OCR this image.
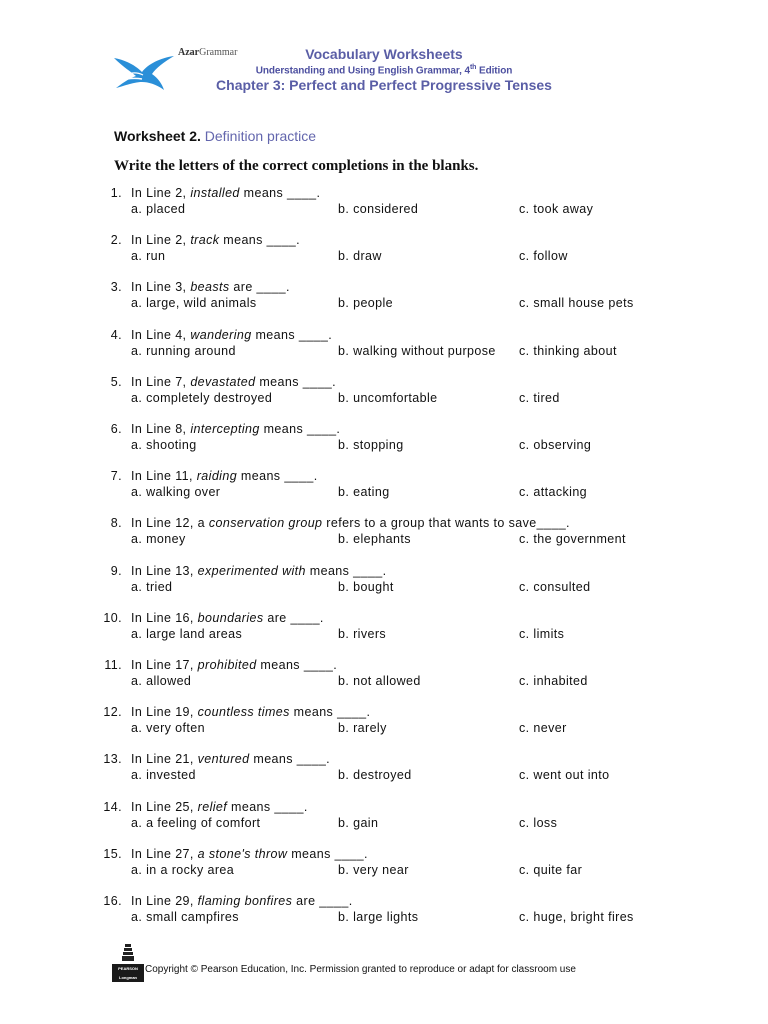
AzarGrammar	Vocabulary Worksheets
Understanding and Using English Grammar, 4th Edition
Chapter 3: Perfect and Perfect Progressive Tenses
Worksheet 2. Definition practice
Write the letters of the correct completions in the blanks.
1. In Line 2, installed means ____.
a. placed	b. considered	c. took away
2. In Line 2, track means ____.
a. run	b. draw	c. follow
3. In Line 3, beasts are ____.
a. large, wild animals	b. people	c. small house pets
4. In Line 4, wandering means ____.
a. running around	b. walking without purpose c. thinking about
5. In Line 7, devastated means ____.
a. completely destroyed	b. uncomfortable	c. tired
6. In Line 8, intercepting means ____.
a. shooting	b. stopping	c. observing
7. In Line 11, raiding means ____.
a. walking over	b. eating	c. attacking
8. In Line 12, a conservation group refers to a group that wants to save____.
a. money	b. elephants	c. the government
9. In Line 13, experimented with means ____.
a. tried	b. bought	c. consulted
10. In Line 16, boundaries are ____.
a. large land areas	b. rivers	c. limits
11. In Line 17, prohibited means ____.
a. allowed	b. not allowed	c. inhabited
12. In Line 19, countless times means ____.
a. very often	b. rarely	c. never
13. In Line 21, ventured means ____.
a. invested	b. destroyed	c. went out into
14. In Line 25, relief means ____.
a. a feeling of comfort	b. gain	c. loss
15. In Line 27, a stone's throw means ____.
a. in a rocky area	b. very near	c. quite far
16. In Line 29, flaming bonfires are ____.
a. small campfires	b. large lights	c. huge, bright fires
PEARSON Longman
Copyright © Pearson Education, Inc. Permission granted to reproduce or adapt for classroom use
